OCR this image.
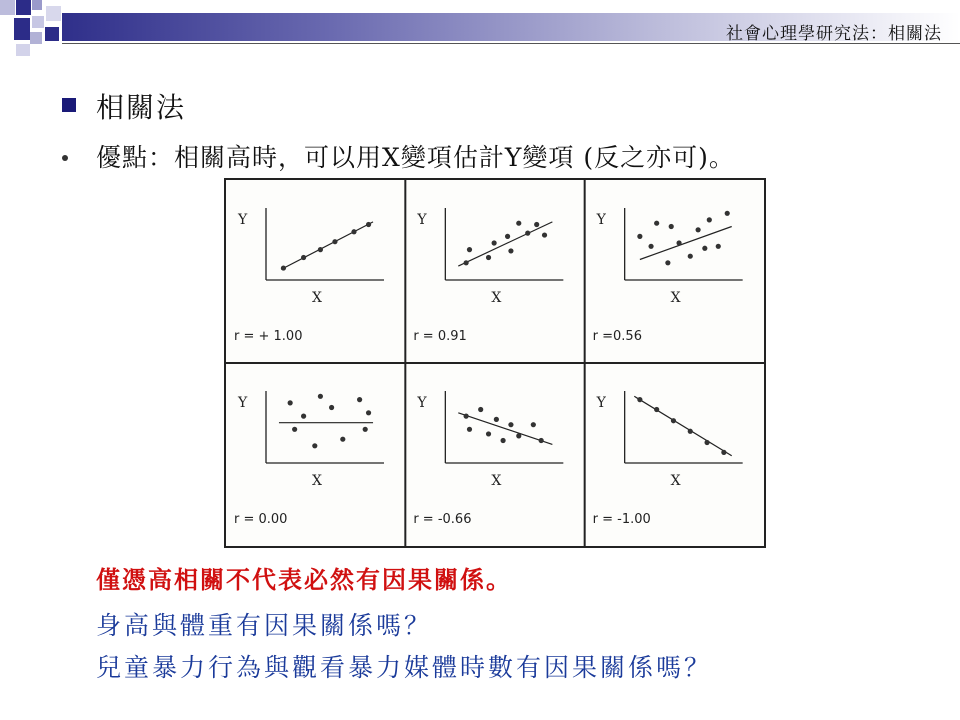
社會心理學研究法：相關法
相關法
優點：相關高時，可以用X變項估計Y變項 (反之亦可)。
Y
X
r = + 1.00
Y
X
r = 0.91
Y
X
r =0.56
Y
X
r = 0.00
Y
X
r = -0.66
Y
X
r = -1.00
僅憑高相關不代表必然有因果關係。
身高與體重有因果關係嗎？
兒童暴力行為與觀看暴力媒體時數有因果關係嗎？
